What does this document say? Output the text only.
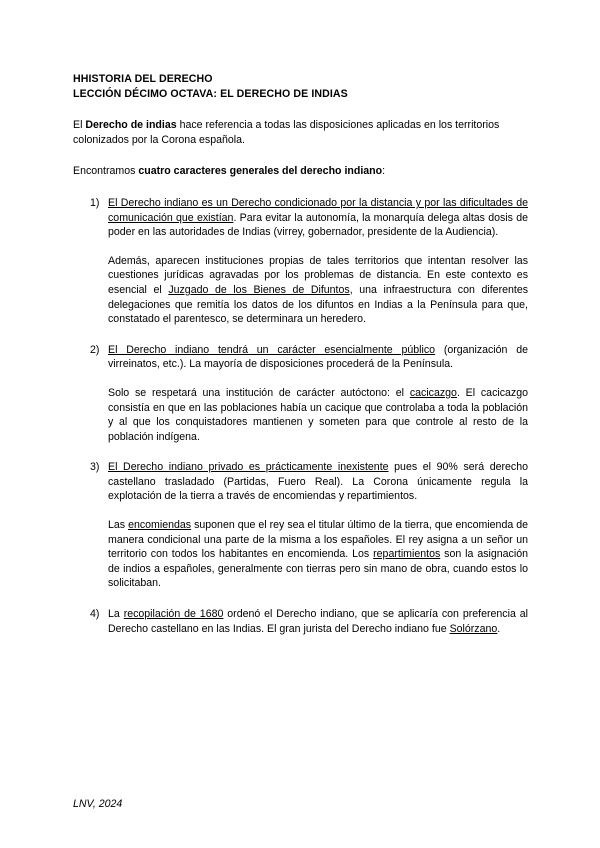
HHISTORIA DEL DERECHO
LECCIÓN DÉCIMO OCTAVA: EL DERECHO DE INDIAS

El Derecho de indias hace referencia a todas las disposiciones aplicadas en los territorios colonizados por la Corona española.

Encontramos cuatro caracteres generales del derecho indiano:

1) El Derecho indiano es un Derecho condicionado por la distancia y por las dificultades de comunicación que existían. Para evitar la autonomía, la monarquía delega altas dosis de poder en las autoridades de Indias (virrey, gobernador, presidente de la Audiencia).

Además, aparecen instituciones propias de tales territorios que intentan resolver las cuestiones jurídicas agravadas por los problemas de distancia. En este contexto es esencial el Juzgado de los Bienes de Difuntos, una infraestructura con diferentes delegaciones que remitía los datos de los difuntos en Indias a la Península para que, constatado el parentesco, se determinara un heredero.

2) El Derecho indiano tendrá un carácter esencialmente público (organización de virreinatos, etc.). La mayoría de disposiciones procederá de la Península.

Solo se respetará una institución de carácter autóctono: el cacicazgo. El cacicazgo consistía en que en las poblaciones había un cacique que controlaba a toda la población y al que los conquistadores mantienen y someten para que controle al resto de la población indígena.

3) El Derecho indiano privado es prácticamente inexistente pues el 90% será derecho castellano trasladado (Partidas, Fuero Real). La Corona únicamente regula la explotación de la tierra a través de encomiendas y repartimientos.

Las encomiendas suponen que el rey sea el titular último de la tierra, que encomienda de manera condicional una parte de la misma a los españoles. El rey asigna a un señor un territorio con todos los habitantes en encomienda. Los repartimientos son la asignación de indios a españoles, generalmente con tierras pero sin mano de obra, cuando estos lo solicitaban.

4) La recopilación de 1680 ordenó el Derecho indiano, que se aplicaría con preferencia al Derecho castellano en las Indias. El gran jurista del Derecho indiano fue Solórzano.
LNV, 2024
